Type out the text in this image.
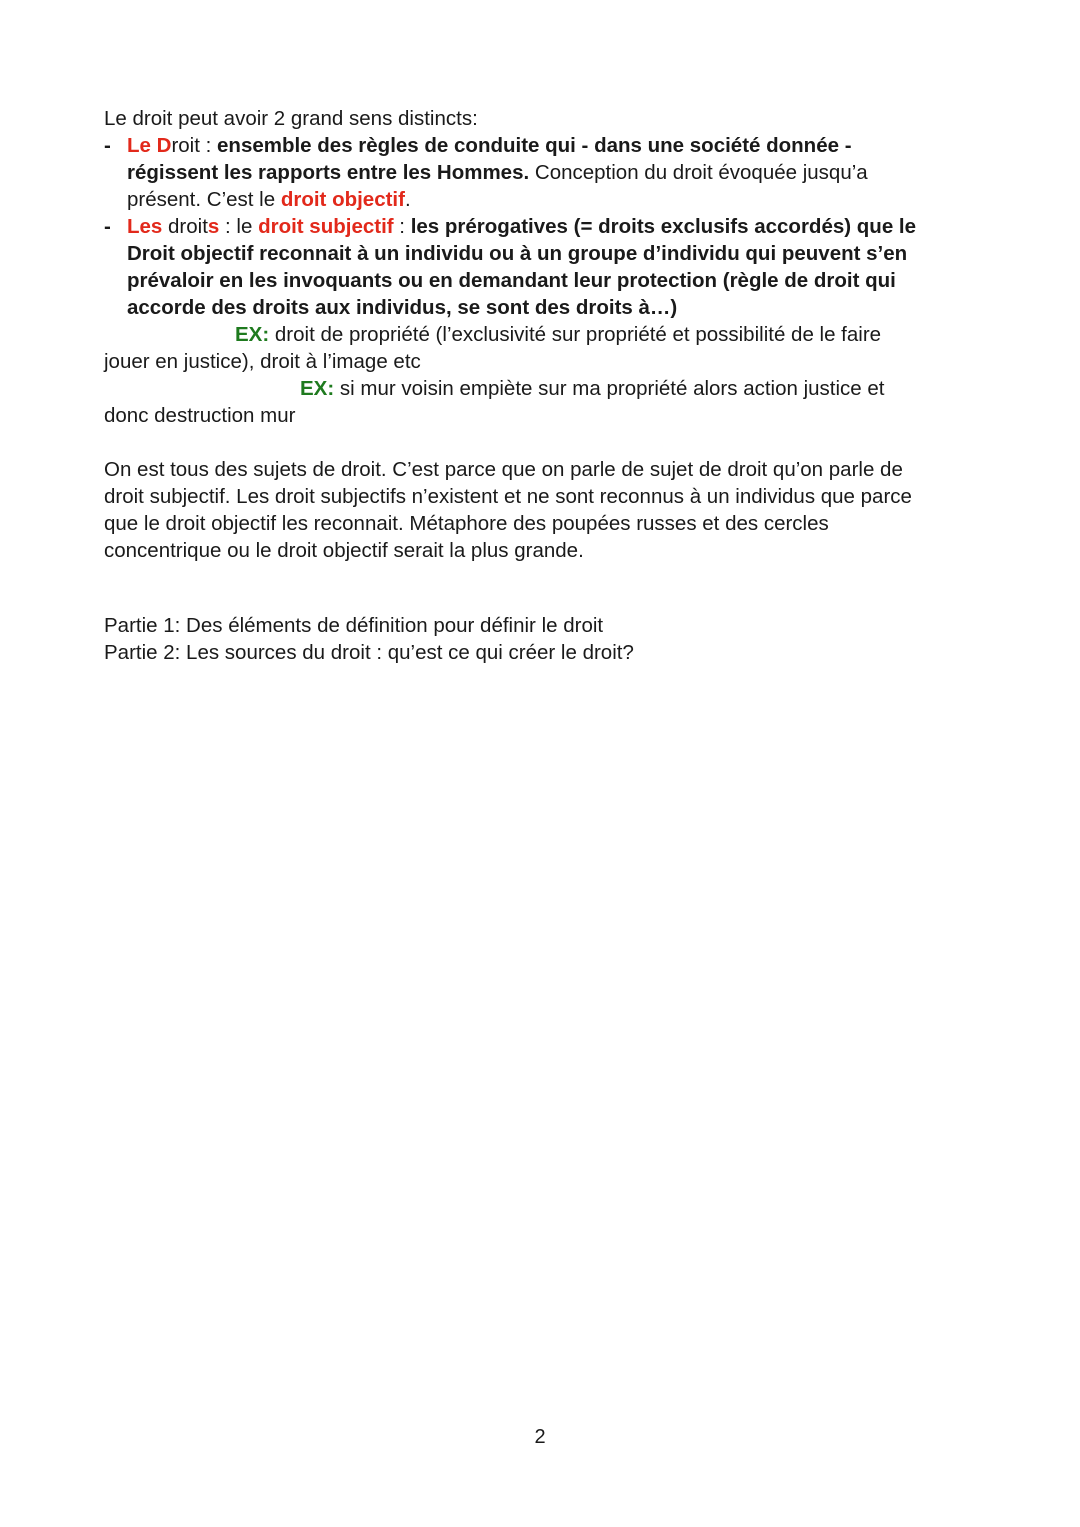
Le droit peut avoir 2 grand sens distincts:
- Le Droit : ensemble des règles de conduite qui - dans une société donnée -
régissent les rapports entre les Hommes. Conception du droit évoquée jusqu’a
présent. C’est le droit objectif.
- Les droits : le droit subjectif : les prérogatives (= droits exclusifs accordés) que le
Droit objectif reconnait à un individu ou à un groupe d’individu qui peuvent s’en
prévaloir en les invoquants ou en demandant leur protection (règle de droit qui
accorde des droits aux individus, se sont des droits à…)
EX: droit de propriété (l’exclusivité sur propriété et possibilité de le faire
jouer en justice), droit à l’image etc
EX: si mur voisin empiète sur ma propriété alors action justice et
donc destruction mur
On est tous des sujets de droit. C’est parce que on parle de sujet de droit qu’on parle de
droit subjectif. Les droit subjectifs n’existent et ne sont reconnus à un individus que parce
que le droit objectif les reconnait. Métaphore des poupées russes et des cercles
concentrique ou le droit objectif serait la plus grande.
Partie 1: Des éléments de définition pour définir le droit
Partie 2: Les sources du droit : qu’est ce qui créer le droit?
2
